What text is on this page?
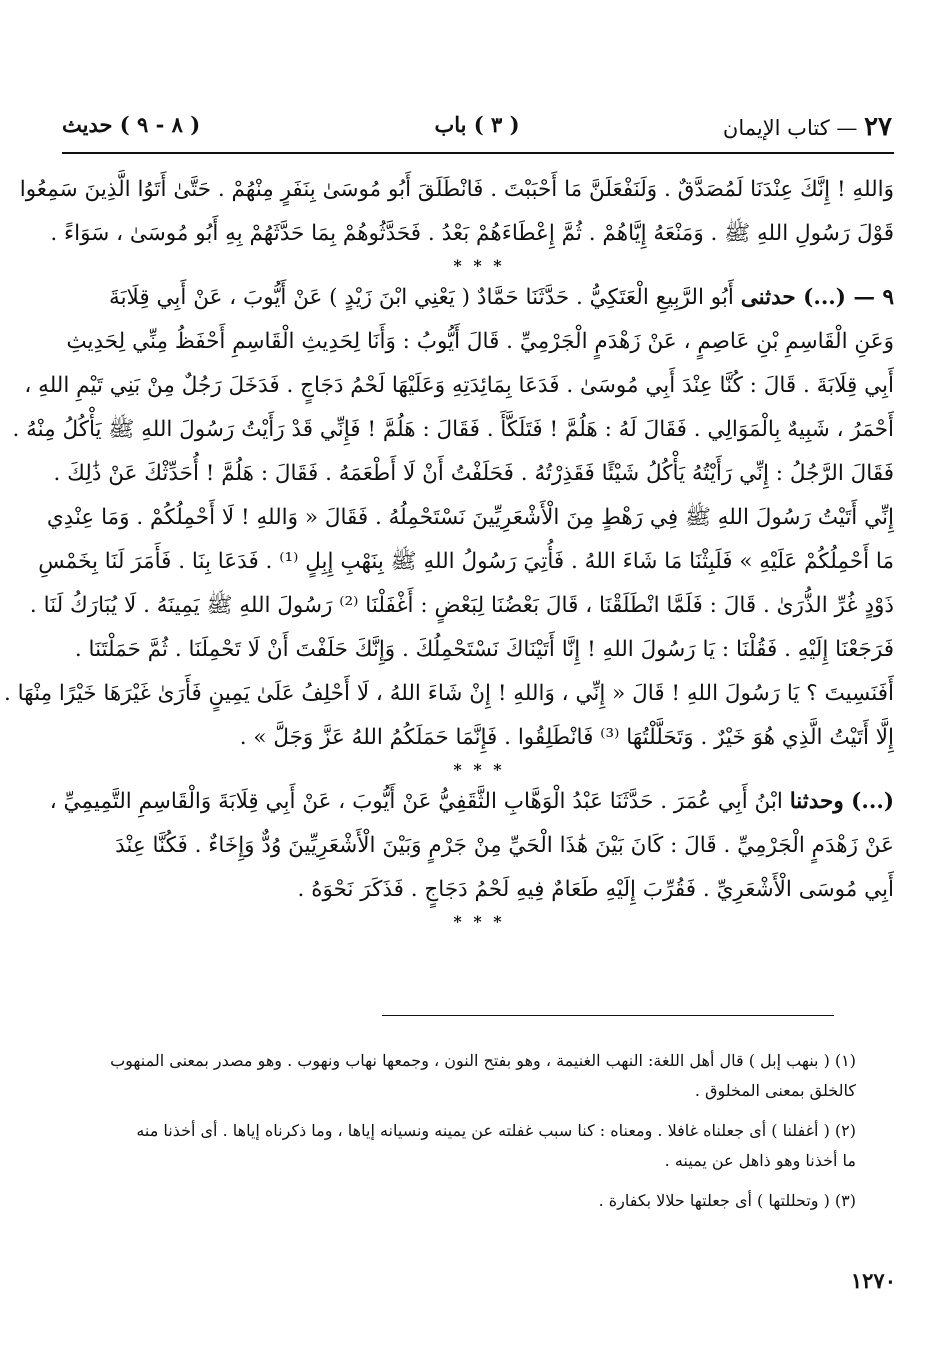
٢٧ — كتاب الإيمان
( ٣ ) باب
( ٨ - ٩ ) حديث
وَاللهِ ! إِنَّكَ عِنْدَنَا لَمُصَدَّقٌ . وَلَنَفْعَلَنَّ مَا أَحْبَبْتَ . فَانْطَلَقَ أَبُو مُوسَىٰ بِنَفَرٍ مِنْهُمْ . حَتَّىٰ أَتَوُا الَّذِينَ سَمِعُوا
قَوْلَ رَسُولِ اللهِ ﷺ . وَمَنْعَهُ إِيَّاهُمْ . ثُمَّ إِعْطَاءَهُمْ بَعْدُ . فَحَدَّثُوهُمْ بِمَا حَدَّثَهُمْ بِهِ أَبُو مُوسَىٰ ، سَوَاءً .
* * *
٩ — (...) حدثنى أَبُو الرَّبِيعِ الْعَتَكِيُّ . حَدَّثَنَا حَمَّادٌ ( يَعْنِي ابْنَ زَيْدٍ ) عَنْ أَيُّوبَ ، عَنْ أَبِي قِلَابَةَ
وَعَنِ الْقَاسِمِ بْنِ عَاصِمٍ ، عَنْ زَهْدَمٍ الْجَرْمِيِّ . قَالَ أَيُّوبُ : وَأَنَا لِحَدِيثِ الْقَاسِمِ أَحْفَظُ مِنِّي لِحَدِيثِ
أَبِي قِلَابَةَ . قَالَ : كُنَّا عِنْدَ أَبِي مُوسَىٰ . فَدَعَا بِمَائِدَتِهِ وَعَلَيْهَا لَحْمُ دَجَاجٍ . فَدَخَلَ رَجُلٌ مِنْ بَنِي تَيْمِ اللهِ ،
أَحْمَرُ ، شَبِيهٌ بِالْمَوَالِي . فَقَالَ لَهُ : هَلُمَّ ! فَتَلَكَّأَ . فَقَالَ : هَلُمَّ ! فَإِنِّي قَدْ رَأَيْتُ رَسُولَ اللهِ ﷺ يَأْكُلُ مِنْهُ .
فَقَالَ الرَّجُلُ : إِنِّي رَأَيْتُهُ يَأْكُلُ شَيْئًا فَقَذِرْتُهُ . فَحَلَفْتُ أَنْ لَا أَطْعَمَهُ . فَقَالَ : هَلُمَّ ! أُحَدِّثْكَ عَنْ ذَٰلِكَ .
إِنِّي أَتَيْتُ رَسُولَ اللهِ ﷺ فِي رَهْطٍ مِنَ الْأَشْعَرِيِّينَ نَسْتَحْمِلُهُ . فَقَالَ « وَاللهِ ! لَا أَحْمِلُكُمْ . وَمَا عِنْدِي
مَا أَحْمِلُكُمْ عَلَيْهِ » فَلَبِثْنَا مَا شَاءَ اللهُ . فَأُتِيَ رَسُولُ اللهِ ﷺ بِنَهْبِ إِبِلٍ ⁽¹⁾ . فَدَعَا بِنَا . فَأَمَرَ لَنَا بِخَمْسِ
ذَوْدٍ غُرِّ الذُّرَىٰ . قَالَ : فَلَمَّا انْطَلَقْنَا ، قَالَ بَعْضُنَا لِبَعْضٍ : أَغْفَلْنَا ⁽²⁾ رَسُولَ اللهِ ﷺ يَمِينَهُ . لَا يُبَارَكُ لَنَا .
فَرَجَعْنَا إِلَيْهِ . فَقُلْنَا : يَا رَسُولَ اللهِ ! إِنَّا أَتَيْنَاكَ نَسْتَحْمِلُكَ . وَإِنَّكَ حَلَفْتَ أَنْ لَا تَحْمِلَنَا . ثُمَّ حَمَلْتَنَا .
أَفَنَسِيتَ ؟ يَا رَسُولَ اللهِ ! قَالَ « إِنِّي ، وَاللهِ ! إِنْ شَاءَ اللهُ ، لَا أَحْلِفُ عَلَىٰ يَمِينٍ فَأَرَىٰ غَيْرَهَا خَيْرًا مِنْهَا .
إِلَّا أَتَيْتُ الَّذِي هُوَ خَيْرٌ . وَتَحَلَّلْتُهَا ⁽³⁾ فَانْطَلِقُوا . فَإِنَّمَا حَمَلَكُمُ اللهُ عَزَّ وَجَلَّ » .
* * *
(...) وحدثنا ابْنُ أَبِي عُمَرَ . حَدَّثَنَا عَبْدُ الْوَهَّابِ الثَّقَفِيُّ عَنْ أَيُّوبَ ، عَنْ أَبِي قِلَابَةَ وَالْقَاسِمِ التَّمِيمِيِّ ،
عَنْ زَهْدَمٍ الْجَرْمِيِّ . قَالَ : كَانَ بَيْنَ هَٰذَا الْحَيِّ مِنْ جَرْمٍ وَبَيْنَ الْأَشْعَرِيِّينَ وُدٌّ وَإِخَاءٌ . فَكُنَّا عِنْدَ
أَبِي مُوسَى الْأَشْعَرِيِّ . فَقُرِّبَ إِلَيْهِ طَعَامٌ فِيهِ لَحْمُ دَجَاجٍ . فَذَكَرَ نَحْوَهُ .
* * *

(١) ( بنهب إبل ) قال أهل اللغة: النهب الغنيمة ، وهو بفتح النون ، وجمعها نهاب ونهوب . وهو مصدر بمعنى المنهوب
كالخلق بمعنى المخلوق .

(٢) ( أغفلنا ) أى جعلناه غافلا . ومعناه : كنا سبب غفلته عن يمينه ونسيانه إياها ، وما ذكرناه إياها . أى أخذنا منه
ما أخذنا وهو ذاهل عن يمينه .

(٣) ( وتحللتها ) أى جعلتها حلالا بكفارة .

١٢٧٠
